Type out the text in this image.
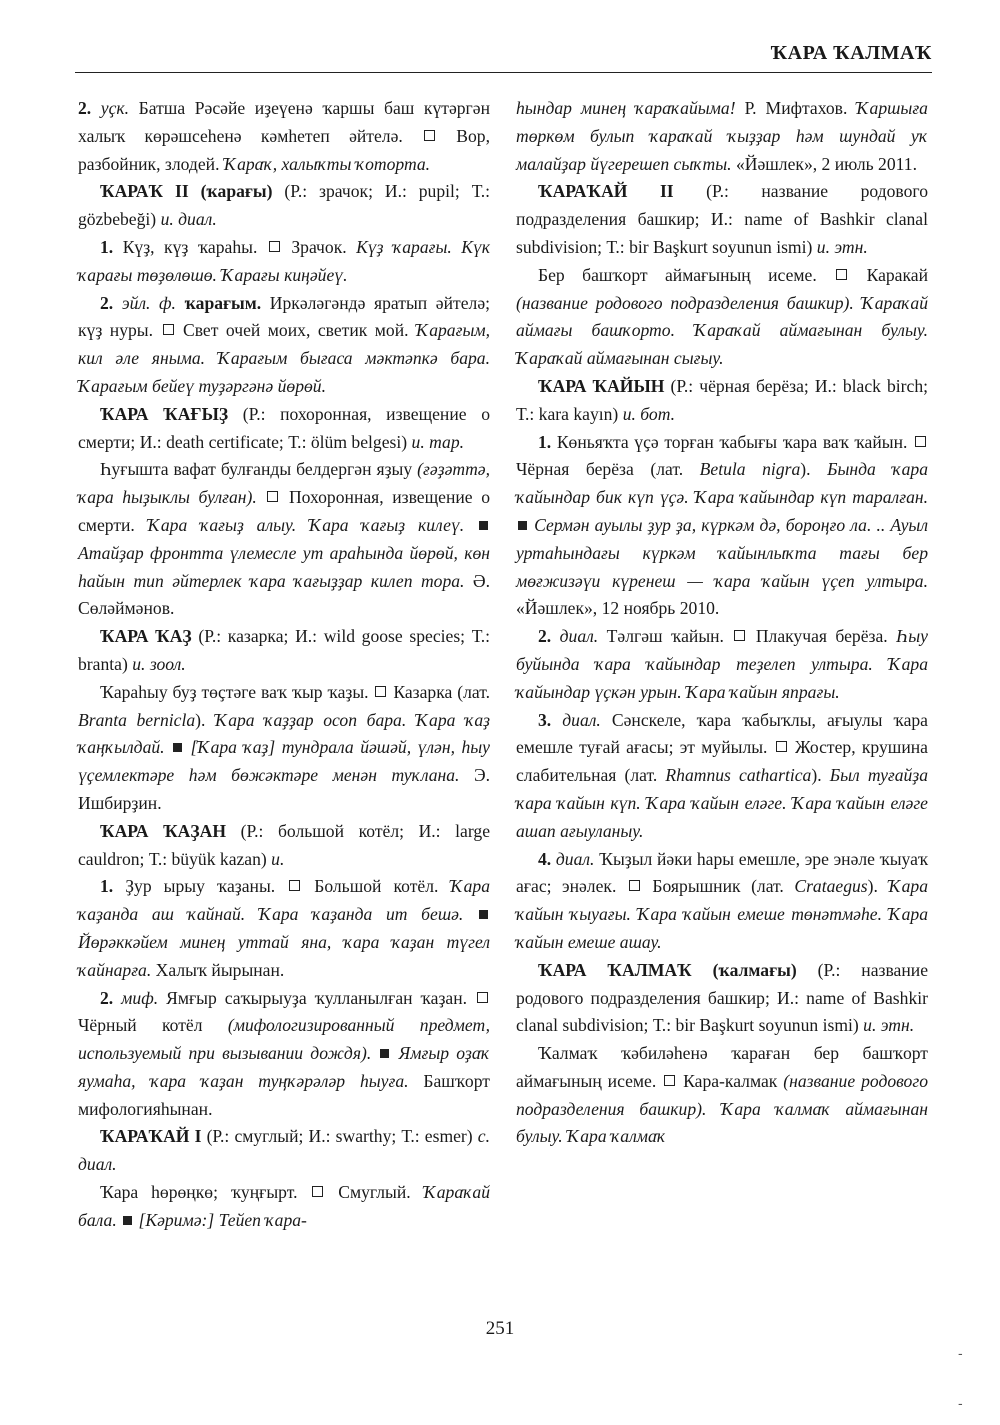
ҠАРА ҠАЛМАҠ

2. уҫк. Батша Рәсәйе иҙеүенә ҡаршы баш күтәргән халыҡ көрәшсеһенә кәмһетеп әйтелә.  Вор, разбойник, злодей. Ҡараҡ, халыҡты ҡоторта.

ҠАРАҠ II (ҡарағы) (Р.: зрачок; И.: pupil; Т.: gözbebeği) и. диал.

1. Күҙ, күҙ ҡараһы.  Зрачок. Күҙ ҡарағы. Күк ҡарағы төҙөлөшө. Ҡарағы киңәйеү.

2. эйл. ф. ҡарағым. Иркәләгәндә яратып әйтелә; күҙ нуры.  Свет очей моих, светик мой. Ҡарағым, кил әле яныма. Ҡарағым бығаса мәктәпкә бара. Ҡарағым бейеү туҙәргәнә йөрөй.

ҠАРА ҠАҒЫҘ (Р.: похоронная, извещение о смерти; И.: death certificate; Т.: ölüm belgesi) и. тар.

Һуғышта вафат булғанды белдергән яҙыу (ғәҙәттә, ҡара һыҙыклы булған).  Похоронная, извещение о смерти. Ҡара ҡағыҙ алыу. Ҡара ҡағыҙ килеү.  Атайҙар фронтта үлемесле ут араһында йөрөй, көн һайын тип әйтерлек ҡара ҡағыҙҙар килеп тора. Ә. Сөләймәнов.

ҠАРА ҠАҘ (Р.: казарка; И.: wild goose species; Т.: branta) и. зоол.

Ҡараһыу буҙ төҫтәге ваҡ ҡыр ҡаҙы.  Казарка (лат. Branta bernicla). Ҡара ҡаҙҙар осоп бара. Ҡара ҡаҙ ҡаңҡылдай.  [Ҡара ҡаҙ] тундрала йәшәй, үлән, һыу үҫемлектәре һәм бөжәктәре менән туҡлана. Э. Ишбирҙин.

ҠАРА ҠАҘАН (Р.: большой котёл; И.: large cauldron; Т.: büyük kazan) и.

1. Ҙур ырыу ҡаҙаны.  Большой котёл. Ҡара ҡаҙанда аш ҡайнай. Ҡара ҡаҙанда ит бешә.  Йөрәккәйем минең уттай яна, ҡара ҡаҙан түгел ҡайнарға. Халыҡ йырынан.

2. миф. Ямғыр саҡырыуҙа ҡулланылған ҡаҙан.  Чёрный котёл (мифологизированный предмет, используемый при вызывании дождя).  Ямғыр оҙаҡ яумаһа, ҡара ҡаҙан туңҡәрәләр һыуға. Башҡорт мифологияһынан.

ҠАРАҠАЙ I (Р.: смуглый; И.: swarthy; Т.: esmer) с. диал.

Ҡара һөрөңкө; ҡуңғырт.  Смуглый. Ҡараҡай бала.  [Кәримә:] Тейеп ҡара-

һындар минең ҡараҡайыма! Р. Мифтахов. Ҡаршыға төркөм булып ҡараҡай ҡыҙҙар һәм шундай уҡ малайҙар йүгерешеп сыҡты. «Йәшлек», 2 июль 2011.

ҠАРАҠАЙ II (Р.: название родового подразделения башкир; И.: name of Bashkir clanal subdivision; Т.: bir Başkurt soyunun ismi) и. этн.

Бер башҡорт аймағының исеме.  Каракай (название родового подразделения башкир). Ҡараҡай аймағы башҡорто. Ҡараҡай аймағынан булыу. Ҡараҡай аймағынан сығыу.

ҠАРА ҠАЙЫН (Р.: чёрная берёза; И.: black birch; Т.: kara kayın) и. бот.

1. Көньяҡта үҫә торған ҡабығы ҡара ваҡ ҡайын.  Чёрная берёза (лат. Betula nigra). Бында ҡара ҡайындар бик күп үҫә. Ҡара ҡайындар күп таралған.  Сермән ауылы ҙур ҙа, күркәм дә, бороңғо ла. .. Ауыл уртаһындағы күркәм ҡайынлыҡта тағы бер мөғжизәүи күренеш — ҡара ҡайын үҫеп ултыра. «Йәшлек», 12 ноябрь 2010.

2. диал. Тәлгәш ҡайын.  Плакучая берёза. Һыу буйында ҡара ҡайындар теҙелеп ултыра. Ҡара ҡайындар үҫкән урын. Ҡара ҡайын япрағы.

3. диал. Сәнскеле, ҡара ҡабыҡлы, ағыулы ҡара емешле туғай ағасы; эт муйылы.  Жостер, крушина слабительная (лат. Rhamnus cathartica). Был туғайҙа ҡара ҡайын күп. Ҡара ҡайын еләге. Ҡара ҡайын еләге ашап ағыуланыу.

4. диал. Ҡыҙыл йәки һары емешле, эре энәле ҡыуаҡ ағас; энәлек.  Боярышник (лат. Crataegus). Ҡара ҡайын ҡыуағы. Ҡара ҡайын емеше төнәтмәһе. Ҡара ҡайын емеше ашау.

ҠАРА ҠАЛМАҠ (ҡалмағы) (Р.: название родового подразделения башкир; И.: name of Bashkir clanal subdivision; Т.: bir Başkurt soyunun ismi) и. этн.

Ҡалмаҡ ҡәбиләһенә ҡараған бер башҡорт аймағының исеме.  Кара-калмак (название родового подразделения башкир). Ҡара ҡалмаҡ аймағынан булыу. Ҡара ҡалмаҡ

251
-
-
